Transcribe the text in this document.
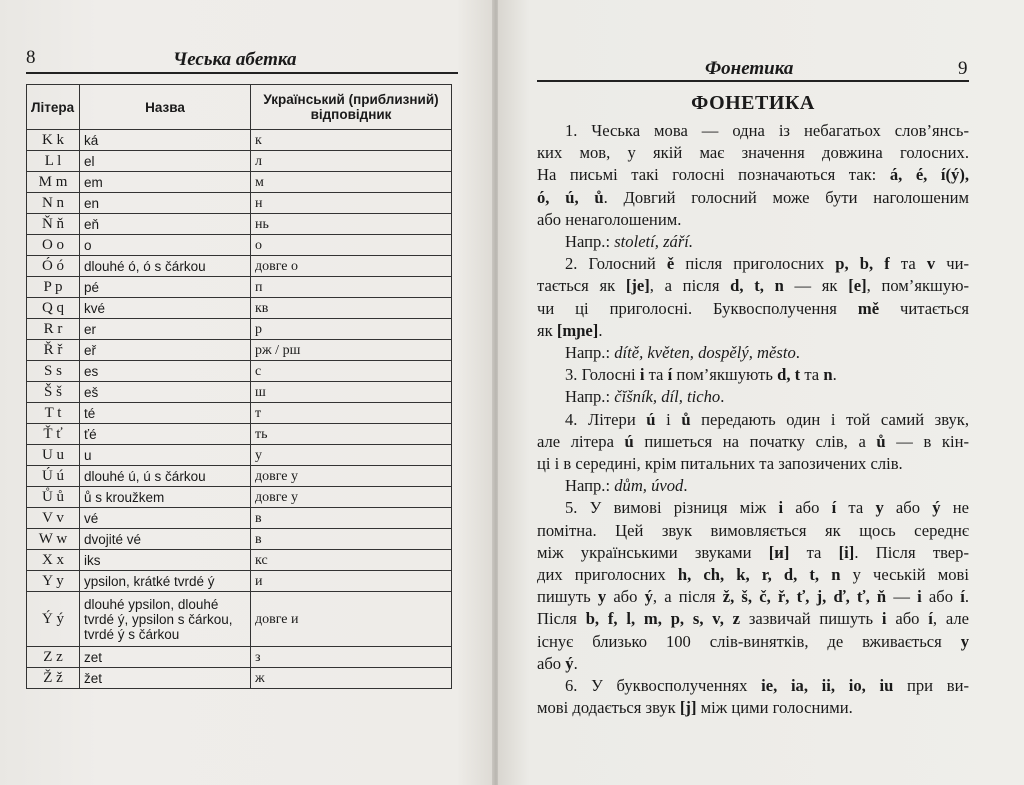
8	Чеська абетка
Літера	Назва	Український (приблизний) відповідник
K k	ká	к
L l	el	л
M m	em	м
N n	en	н
Ň ň	eň	нь
O o	o	о
Ó ó	dlouhé ó, ó s čárkou	довге о
P p	pé	п
Q q	kvé	кв
R r	er	р
Ř ř	eř	рж / рш
S s	es	с
Š š	eš	ш
T t	té	т
Ť ť	ťé	ть
U u	u	у
Ú ú	dlouhé ú, ú s čárkou	довге у
Ů ů	ů s kroužkem	довге у
V v	vé	в
W w	dvojité vé	в
X x	iks	кс
Y y	ypsilon, krátké tvrdé ý	и
Ý ý	dlouhé ypsilon, dlouhé tvrdé ý, ypsilon s čárkou, tvrdé ý s čárkou	довге и
Z z	zet	з
Ž ž	žet	ж
Фонетика	9
ФОНЕТИКА
1. Чеська мова — одна із небагатьох слов’янсь-
ких мов, у якій має значення довжина голосних.
На письмі такі голосні позначаються так: á, é, í(ý),
ó, ú, ů. Довгий голосний може бути наголошеним
або ненаголошеним.
Напр.: století, září.
2. Голосний ě після приголосних p, b, f та v чи-
тається як [je], а після d, t, n — як [e], пом’якшую-
чи ці приголосні. Буквосполучення mě читається
як [mɲe].
Напр.: dítě, květen, dospělý, město.
3. Голосні i та í пом’якшують d, t та n.
Напр.: čĭšník, díl, ticho.
4. Літери ú і ů передають один і той самий звук,
але літера ú пишеться на початку слів, а ů — в кін-
ці і в середині, крім питальних та запозичених слів.
Напр.: dům, úvod.
5. У вимові різниця між i або í та y або ý не
помітна. Цей звук вимовляється як щось середнє
між українськими звуками [и] та [і]. Після твер-
дих приголосних h, ch, k, r, d, t, n у чеській мові
пишуть y або ý, а після ž, š, č, ř, ť, j, ď, ť, ň — i або í.
Після b, f, l, m, p, s, v, z зазвичай пишуть i або í, але
існує близько 100 слів-винятків, де вживається y
або ý.
6. У буквосполученнях ie, ia, ii, io, iu при ви-
мові додається звук [j] між цими голосними.
